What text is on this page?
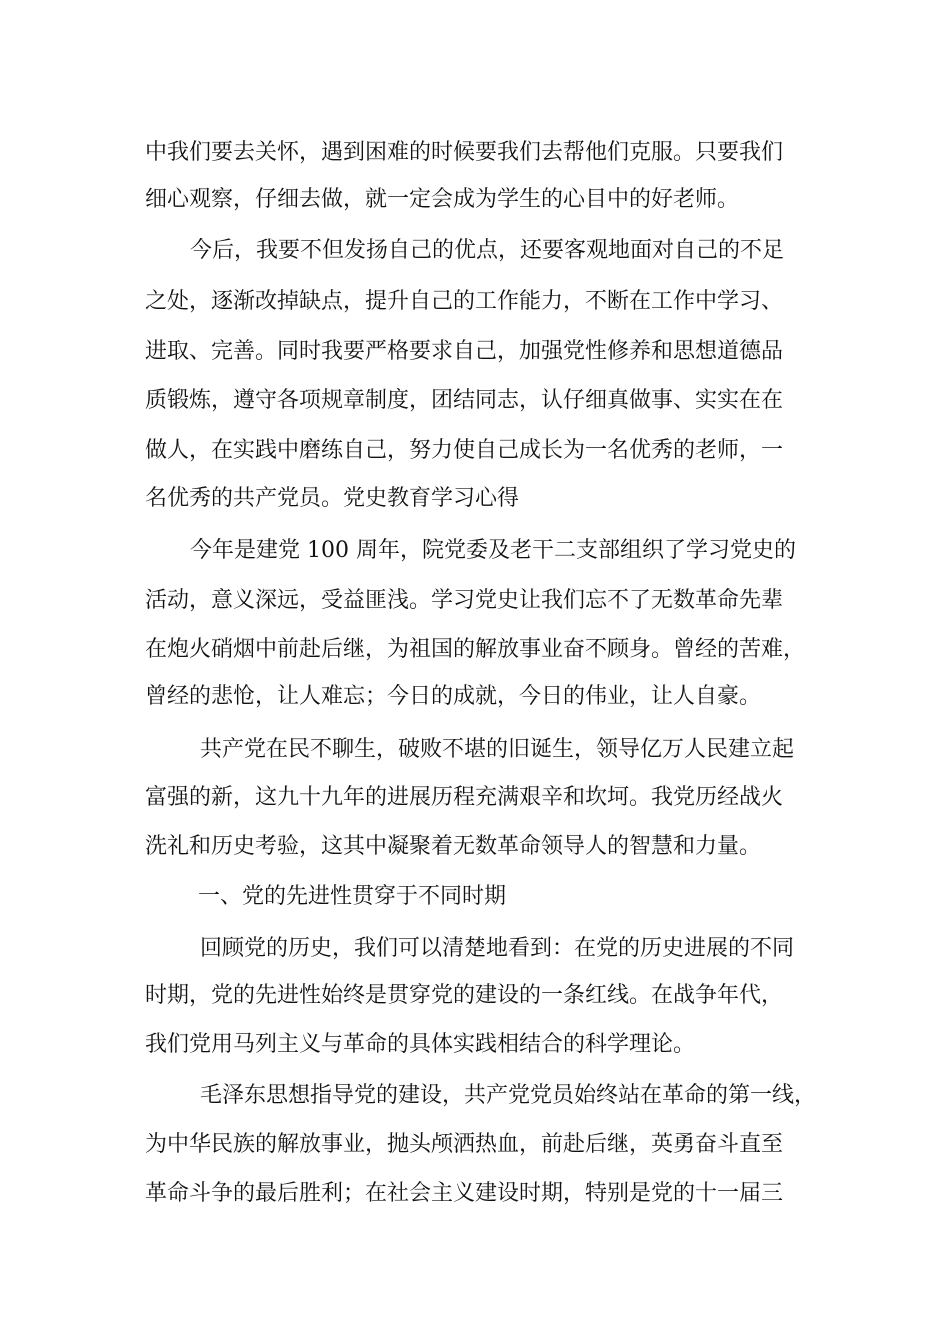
中我们要去关怀，遇到困难的时候要我们去帮他们克服。只要我们
细心观察，仔细去做，就一定会成为学生的心目中的好老师。
今后，我要不但发扬自己的优点，还要客观地面对自己的不足
之处，逐渐改掉缺点，提升自己的工作能力，不断在工作中学习、
进取、完善。同时我要严格要求自己，加强党性修养和思想道德品
质锻炼，遵守各项规章制度，团结同志，认仔细真做事、实实在在
做人，在实践中磨练自己，努力使自己成长为一名优秀的老师，一
名优秀的共产党员。党史教育学习心得
今年是建党 100 周年，院党委及老干二支部组织了学习党史的
活动，意义深远，受益匪浅。学习党史让我们忘不了无数革命先辈
在炮火硝烟中前赴后继，为祖国的解放事业奋不顾身。曾经的苦难，
曾经的悲怆，让人难忘；今日的成就，今日的伟业，让人自豪。
共产党在民不聊生，破败不堪的旧诞生，领导亿万人民建立起
富强的新，这九十九年的进展历程充满艰辛和坎坷。我党历经战火
洗礼和历史考验，这其中凝聚着无数革命领导人的智慧和力量。
一、党的先进性贯穿于不同时期
回顾党的历史，我们可以清楚地看到：在党的历史进展的不同
时期，党的先进性始终是贯穿党的建设的一条红线。在战争年代，
我们党用马列主义与革命的具体实践相结合的科学理论。
毛泽东思想指导党的建设，共产党党员始终站在革命的第一线，
为中华民族的解放事业，抛头颅洒热血，前赴后继，英勇奋斗直至
革命斗争的最后胜利；在社会主义建设时期，特别是党的十一届三
